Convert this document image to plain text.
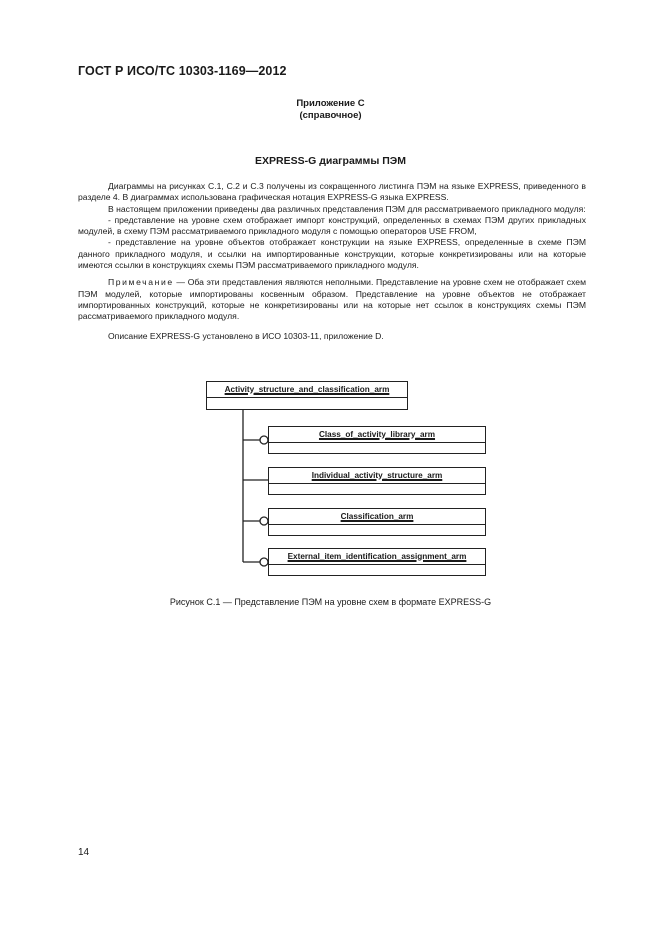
ГОСТ Р ИСО/ТС 10303-1169—2012
Приложение С
(справочное)
EXPRESS-G диаграммы ПЭМ

Диаграммы на рисунках С.1, С.2 и С.3 получены из сокращенного листинга ПЭМ на языке EXPRESS, приведенного в разделе 4. В диаграммах использована графическая нотация EXPRESS-G языка EXPRESS.

В настоящем приложении приведены два различных представления ПЭМ для рассматриваемого прикладного модуля:

- представление на уровне схем отображает импорт конструкций, определенных в схемах ПЭМ других прикладных модулей, в схему ПЭМ рассматриваемого прикладного модуля с помощью операторов USE FROM,

- представление на уровне объектов отображает конструкции на языке EXPRESS, определенные в схеме ПЭМ данного прикладного модуля, и ссылки на импортированные конструкции, которые конкретизированы или на которые имеются ссылки в конструкциях схемы ПЭМ рассматриваемого прикладного модуля.

Примечание — Оба эти представления являются неполными. Представление на уровне схем не отображает схем ПЭМ модулей, которые импортированы косвенным образом. Представление на уровне объектов не отображает импортированных конструкций, которые не конкретизированы или на которые нет ссылок в конструкциях схемы ПЭМ рассматриваемого прикладного модуля.

Описание EXPRESS-G установлено в ИСО 10303-11, приложение D.

Activity_structure_and_classification_arm
Class_of_activity_library_arm
Individual_activity_structure_arm
Classification_arm
External_item_identification_assignment_arm
Рисунок С.1 — Представление ПЭМ на уровне схем в формате EXPRESS-G
14
